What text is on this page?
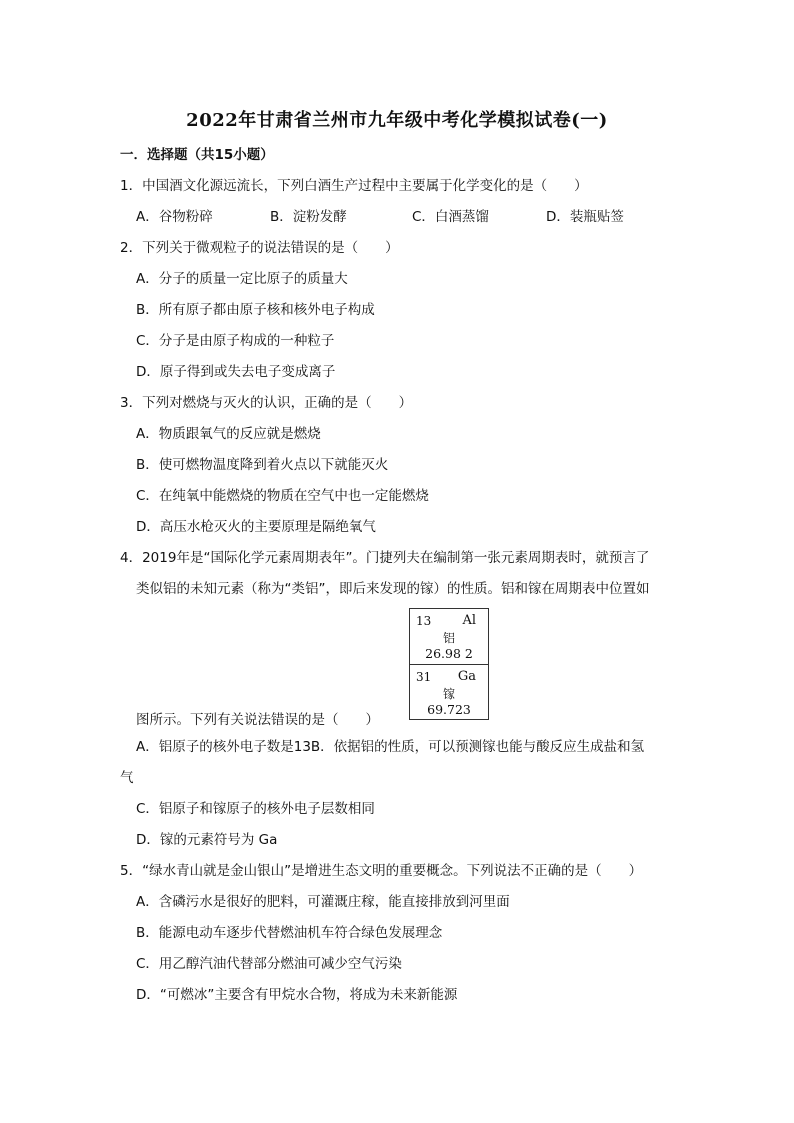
2022年甘肃省兰州市九年级中考化学模拟试卷(一)
一．选择题（共15小题）
1．中国酒文化源远流长，下列白酒生产过程中主要属于化学变化的是（　　）
A．谷物粉碎	B．淀粉发酵	C．白酒蒸馏	D．装瓶贴签
2．下列关于微观粒子的说法错误的是（　　）
A．分子的质量一定比原子的质量大
B．所有原子都由原子核和核外电子构成
C．分子是由原子构成的一种粒子
D．原子得到或失去电子变成离子
3．下列对燃烧与灭火的认识，正确的是（　　）
A．物质跟氧气的反应就是燃烧
B．使可燃物温度降到着火点以下就能灭火
C．在纯氧中能燃烧的物质在空气中也一定能燃烧
D．高压水枪灭火的主要原理是隔绝氧气
4．2019年是“国际化学元素周期表年”。门捷列夫在编制第一张元素周期表时，就预言了
类似铝的未知元素（称为“类铝”，即后来发现的镓）的性质。铝和镓在周期表中位置如
13 Al
铝
26.98 2
31 Ga
镓
69.723
图所示。下列有关说法错误的是（　　）
A．铝原子的核外电子数是13B．依据铝的性质，可以预测镓也能与酸反应生成盐和氢
气
C．铝原子和镓原子的核外电子层数相同
D．镓的元素符号为 Ga
5．“绿水青山就是金山银山”是增进生态文明的重要概念。下列说法不正确的是（　　）
A．含磷污水是很好的肥料，可灌溉庄稼，能直接排放到河里面
B．能源电动车逐步代替燃油机车符合绿色发展理念
C．用乙醇汽油代替部分燃油可减少空气污染
D．“可燃冰”主要含有甲烷水合物，将成为未来新能源
